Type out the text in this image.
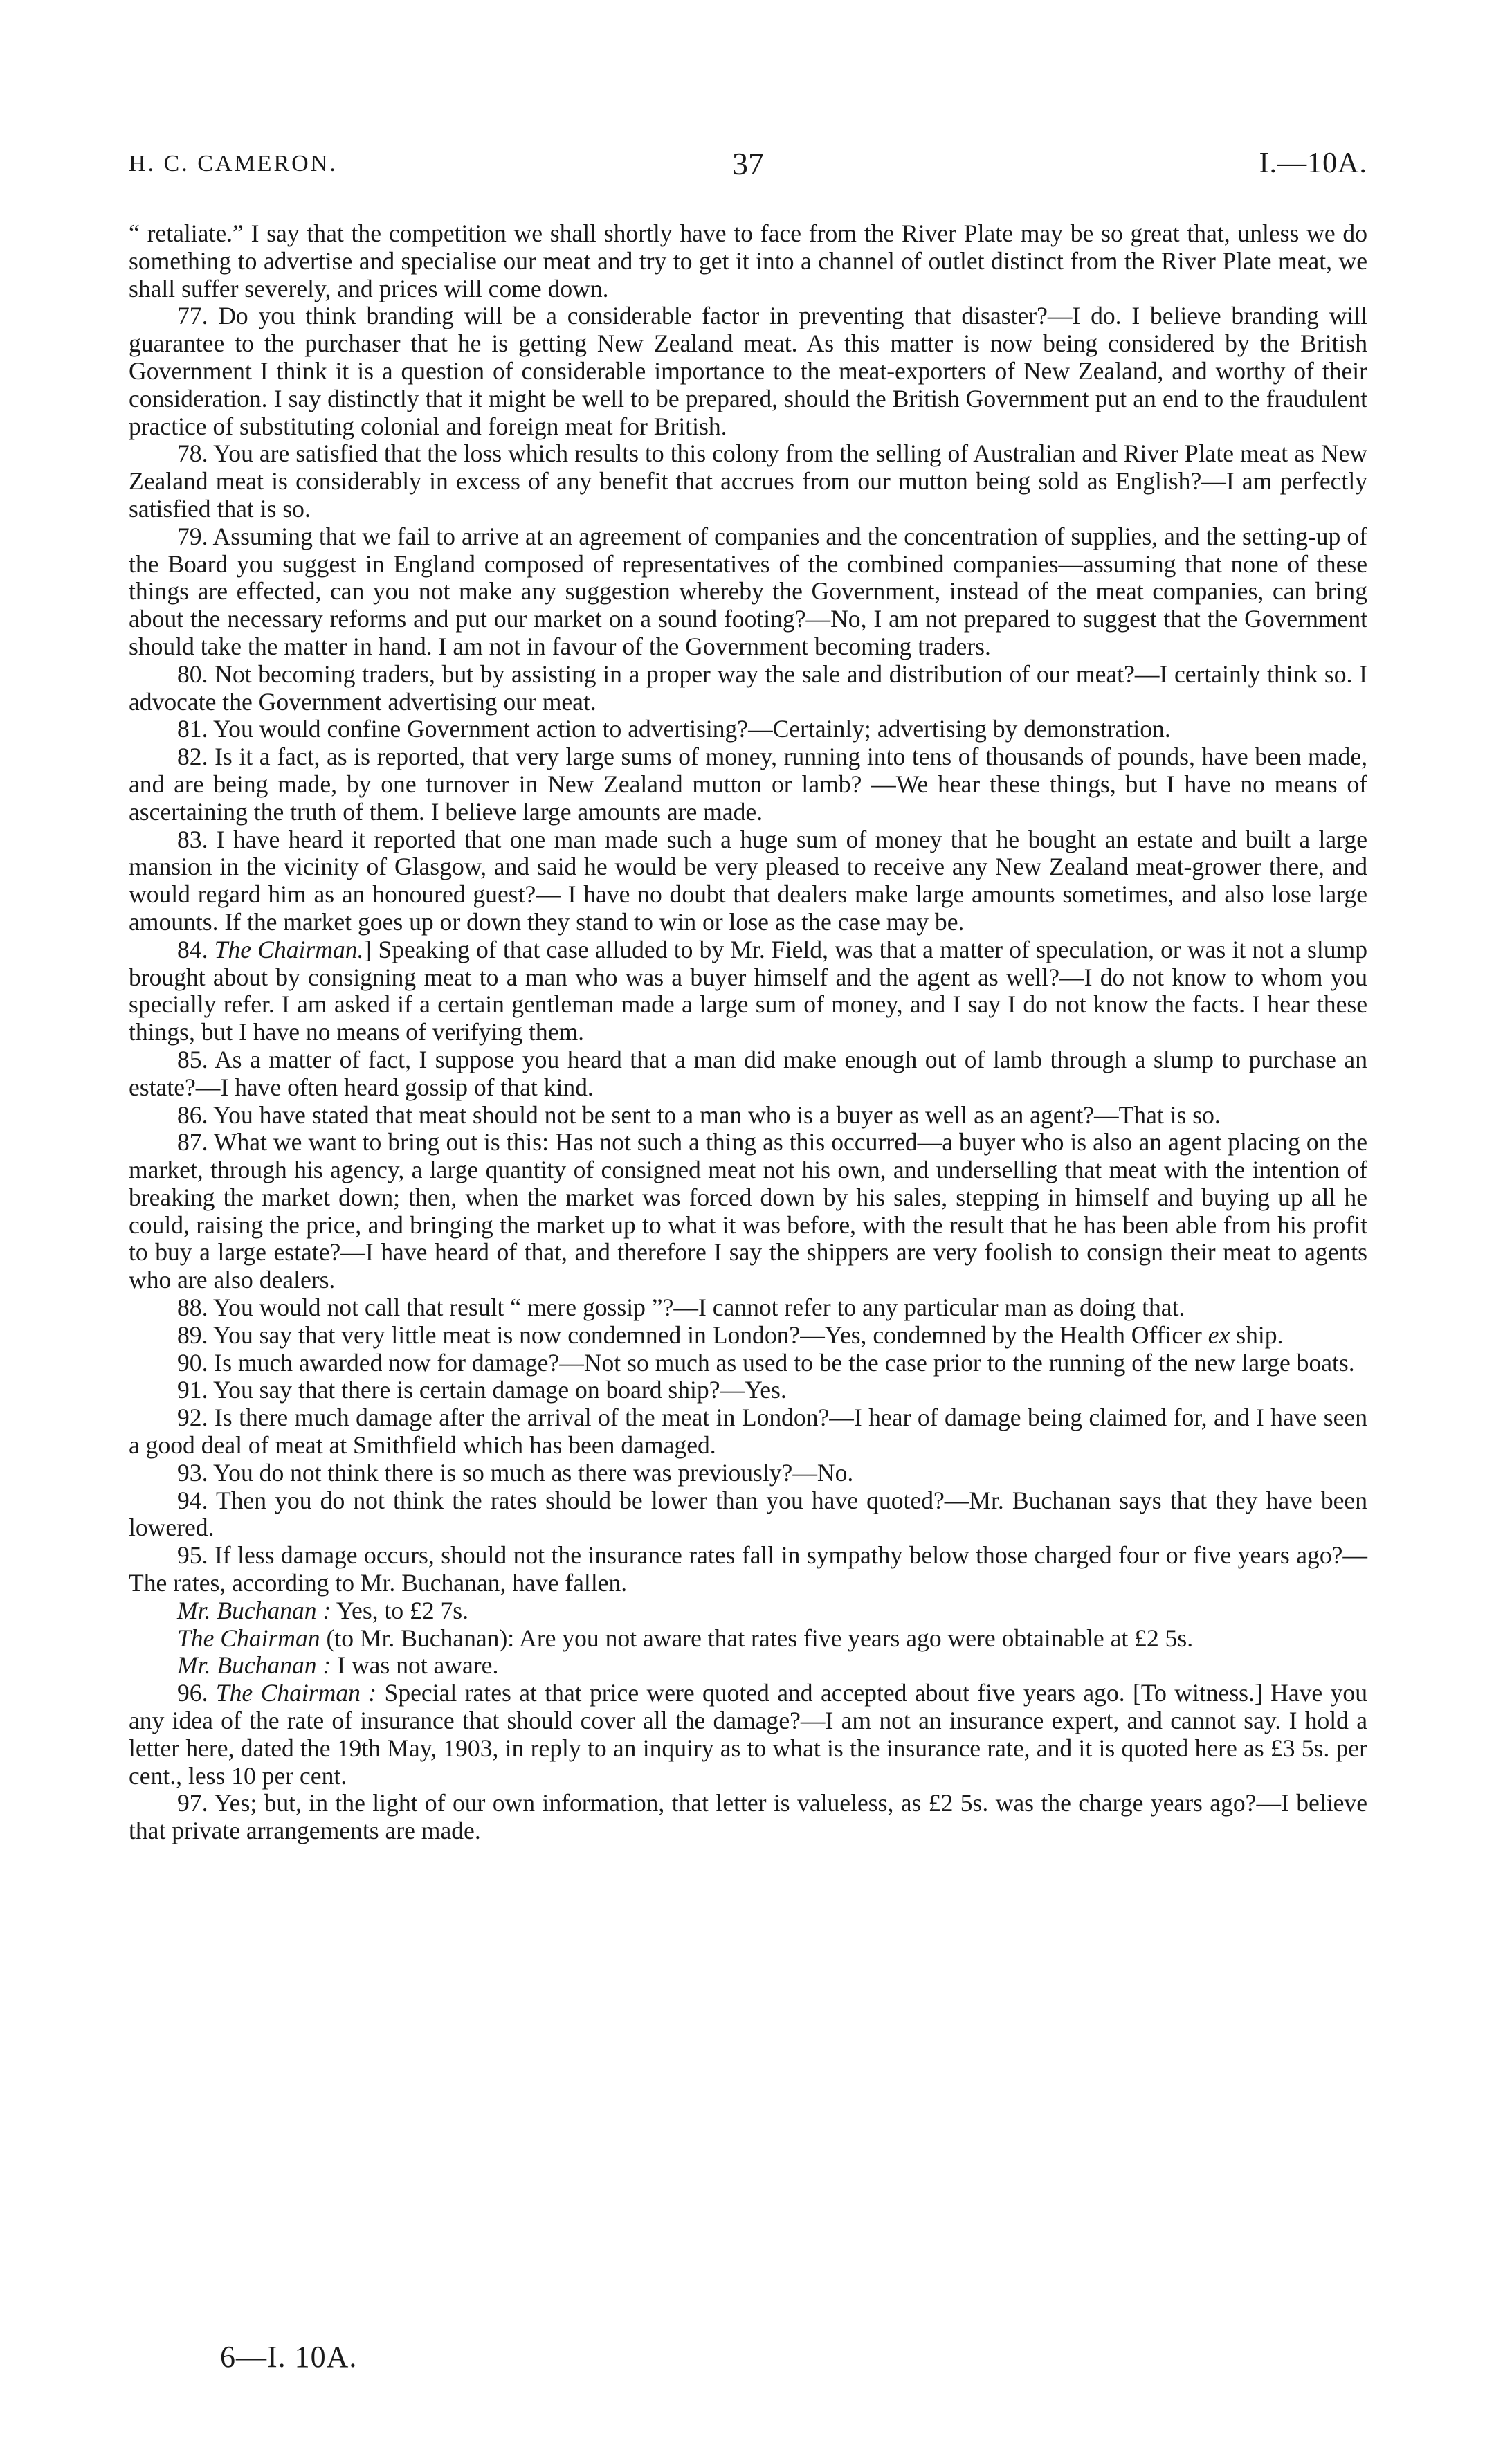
H. C. CAMERON.	37	I.—10A.

“ retaliate.” I say that the competition we shall shortly have to face from the River Plate may be so great that, unless we do something to advertise and specialise our meat and try to get it into a channel of outlet distinct from the River Plate meat, we shall suffer severely, and prices will come down.

77. Do you think branding will be a considerable factor in preventing that disaster?—I do. I believe branding will guarantee to the purchaser that he is getting New Zealand meat. As this matter is now being considered by the British Government I think it is a question of considerable importance to the meat-exporters of New Zealand, and worthy of their consideration. I say distinctly that it might be well to be prepared, should the British Government put an end to the fraudulent practice of substituting colonial and foreign meat for British.

78. You are satisfied that the loss which results to this colony from the selling of Australian and River Plate meat as New Zealand meat is considerably in excess of any benefit that accrues from our mutton being sold as English?—I am perfectly satisfied that is so.

79. Assuming that we fail to arrive at an agreement of companies and the concentration of supplies, and the setting-up of the Board you suggest in England composed of representatives of the combined companies—assuming that none of these things are effected, can you not make any suggestion whereby the Government, instead of the meat companies, can bring about the necessary reforms and put our market on a sound footing?—No, I am not prepared to suggest that the Government should take the matter in hand. I am not in favour of the Government becoming traders.

80. Not becoming traders, but by assisting in a proper way the sale and distribution of our meat?—I certainly think so. I advocate the Government advertising our meat.

81. You would confine Government action to advertising?—Certainly; advertising by demonstration.

82. Is it a fact, as is reported, that very large sums of money, running into tens of thousands of pounds, have been made, and are being made, by one turnover in New Zealand mutton or lamb? —We hear these things, but I have no means of ascertaining the truth of them. I believe large amounts are made.

83. I have heard it reported that one man made such a huge sum of money that he bought an estate and built a large mansion in the vicinity of Glasgow, and said he would be very pleased to receive any New Zealand meat-grower there, and would regard him as an honoured guest?— I have no doubt that dealers make large amounts sometimes, and also lose large amounts. If the market goes up or down they stand to win or lose as the case may be.

84. The Chairman.] Speaking of that case alluded to by Mr. Field, was that a matter of speculation, or was it not a slump brought about by consigning meat to a man who was a buyer himself and the agent as well?—I do not know to whom you specially refer. I am asked if a certain gentleman made a large sum of money, and I say I do not know the facts. I hear these things, but I have no means of verifying them.

85. As a matter of fact, I suppose you heard that a man did make enough out of lamb through a slump to purchase an estate?—I have often heard gossip of that kind.

86. You have stated that meat should not be sent to a man who is a buyer as well as an agent?—That is so.

87. What we want to bring out is this: Has not such a thing as this occurred—a buyer who is also an agent placing on the market, through his agency, a large quantity of consigned meat not his own, and underselling that meat with the intention of breaking the market down; then, when the market was forced down by his sales, stepping in himself and buying up all he could, raising the price, and bringing the market up to what it was before, with the result that he has been able from his profit to buy a large estate?—I have heard of that, and therefore I say the shippers are very foolish to consign their meat to agents who are also dealers.

88. You would not call that result “ mere gossip ”?—I cannot refer to any particular man as doing that.

89. You say that very little meat is now condemned in London?—Yes, condemned by the Health Officer ex ship.

90. Is much awarded now for damage?—Not so much as used to be the case prior to the running of the new large boats.

91. You say that there is certain damage on board ship?—Yes.

92. Is there much damage after the arrival of the meat in London?—I hear of damage being claimed for, and I have seen a good deal of meat at Smithfield which has been damaged.

93. You do not think there is so much as there was previously?—No.

94. Then you do not think the rates should be lower than you have quoted?—Mr. Buchanan says that they have been lowered.

95. If less damage occurs, should not the insurance rates fall in sympathy below those charged four or five years ago?—The rates, according to Mr. Buchanan, have fallen.

Mr. Buchanan : Yes, to £2 7s.

The Chairman (to Mr. Buchanan): Are you not aware that rates five years ago were obtainable at £2 5s.

Mr. Buchanan : I was not aware.

96. The Chairman : Special rates at that price were quoted and accepted about five years ago. [To witness.] Have you any idea of the rate of insurance that should cover all the damage?—I am not an insurance expert, and cannot say. I hold a letter here, dated the 19th May, 1903, in reply to an inquiry as to what is the insurance rate, and it is quoted here as £3 5s. per cent., less 10 per cent.

97. Yes; but, in the light of our own information, that letter is valueless, as £2 5s. was the charge years ago?—I believe that private arrangements are made.

6—I. 10A.
